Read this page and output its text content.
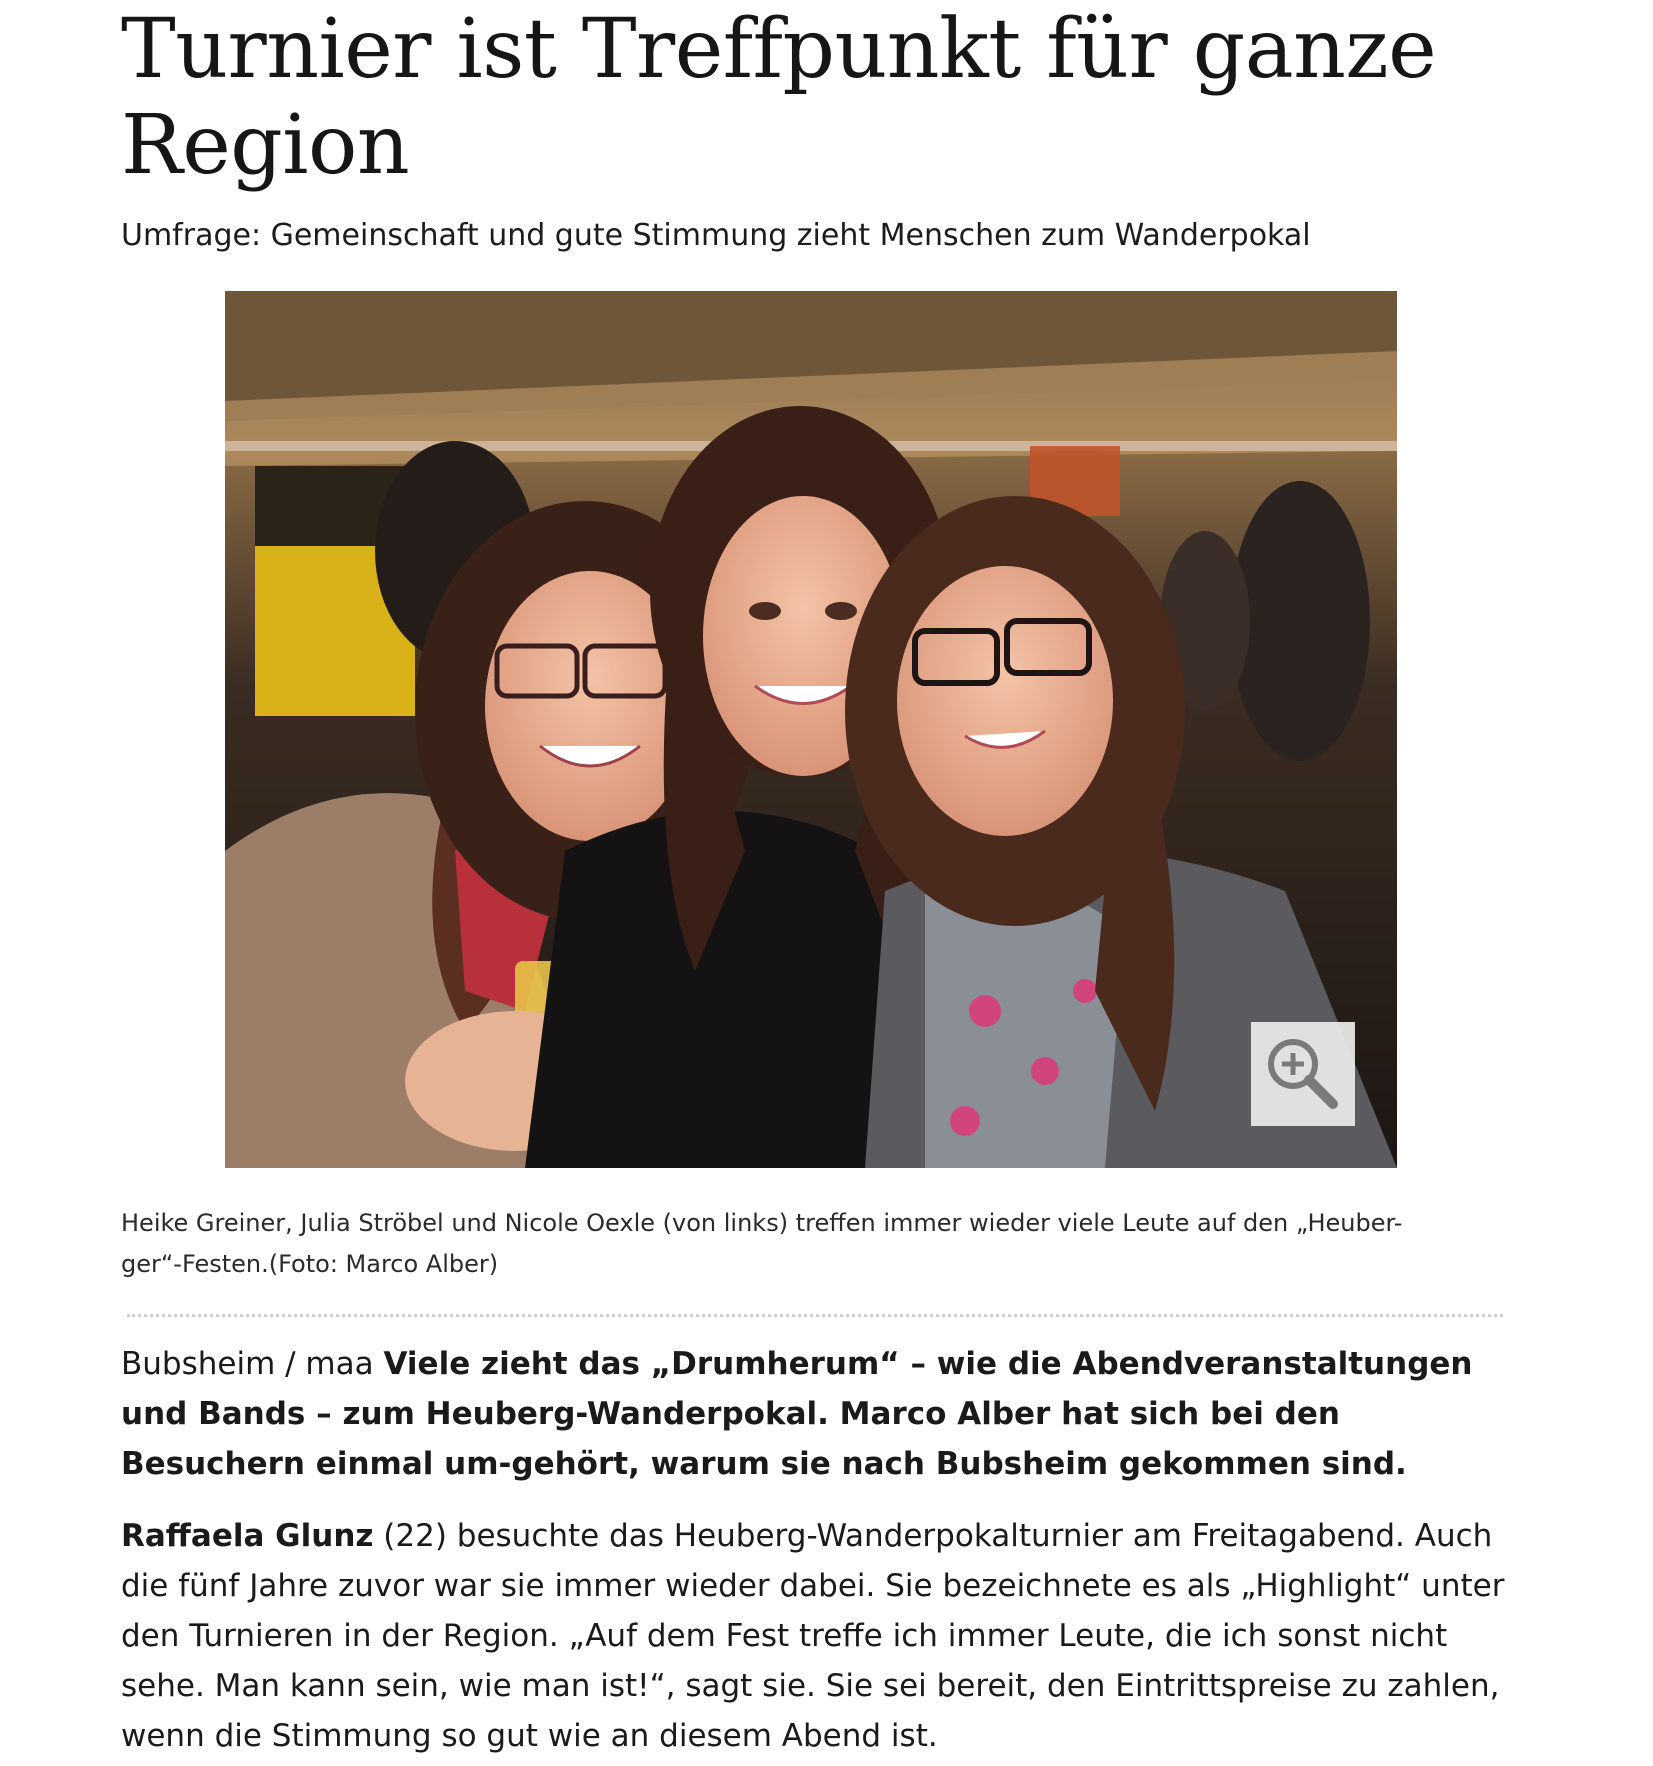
Turnier ist Treffpunkt für ganze Region
Umfrage: Gemeinschaft und gute Stimmung zieht Menschen zum Wanderpokal
Heike Greiner, Julia Ströbel und Nicole Oexle (von links) treffen immer wieder viele Leute auf den „Heuber-ger“-Festen.(Foto: Marco Alber)

Bubsheim / maa Viele zieht das „Drumherum“ – wie die Abendveranstaltungen und Bands – zum Heuberg-Wanderpokal. Marco Alber hat sich bei den Besuchern einmal um-gehört, warum sie nach Bubsheim gekommen sind.

Raffaela Glunz (22) besuchte das Heuberg-Wanderpokalturnier am Freitagabend. Auch die fünf Jahre zuvor war sie immer wieder dabei. Sie bezeichnete es als „Highlight“ unter den Turnieren in der Region. „Auf dem Fest treffe ich immer Leute, die ich sonst nicht sehe. Man kann sein, wie man ist!“, sagt sie. Sie sei bereit, den Eintrittspreise zu zahlen, wenn die Stimmung so gut wie an diesem Abend ist.
